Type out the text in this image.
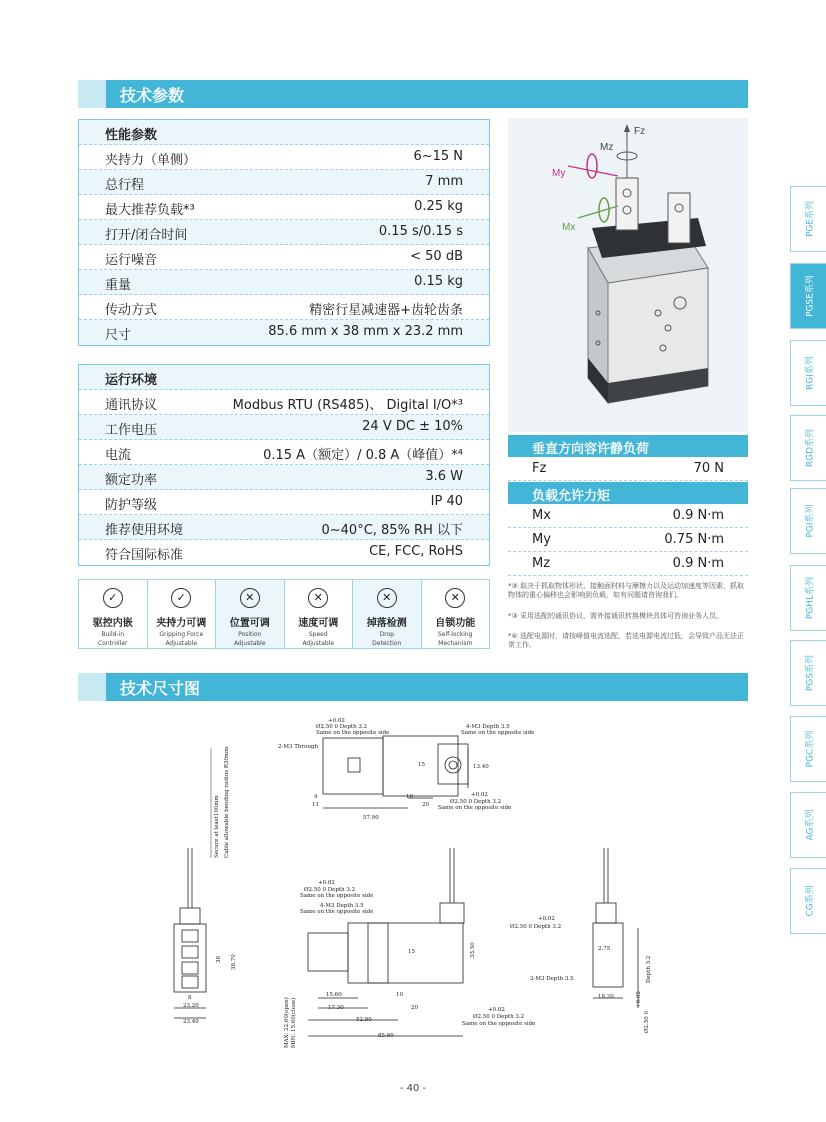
技术参数
性能参数
夹持力（单侧）	6~15 N
总行程	7 mm
最大推荐负载*³	0.25 kg
打开/闭合时间	0.15 s/0.15 s
运行噪音	< 50 dB
重量	0.15 kg
传动方式	精密行星减速器+齿轮齿条
尺寸	85.6 mm x 38 mm x 23.2 mm
运行环境
通讯协议	Modbus RTU (RS485)、 Digital I/O*³
工作电压	24 V DC ± 10%
电流	0.15 A（额定）/ 0.8 A（峰值）*⁴
额定功率	3.6 W
防护等级	IP 40
推荐使用环境	0~40°C, 85% RH 以下
符合国际标准	CE, FCC, RoHS
✓
驱控内嵌
Build-in
Controller
✓
夹持力可调
Gripping Force
Adjustable
✕
位置可调
Position
Adjustable
✕
速度可调
Speed
Adjustable
✕
掉落检测
Drop
Detection
✕
自锁功能
Self-locking
Mechanism
Fz
Mz
My
Mx
垂直方向容许静负荷
Fz	70 N
负载允许力矩
Mx	0.9 N·m
My	0.75 N·m
Mz	0.9 N·m
*③ 取决于抓取物体形状、接触面材料与摩擦力以及运动加速度等因素，抓取物体的重心偏移也会影响到负载，如有问题请咨询我们。
*③ 采用选配的通讯协议，需外接通讯转换模块具体可咨询业务人员。
*④ 选配电源时，请按峰值电流选配，若选电源电流过低，会导致产品无法正常工作。
技术尺寸图
PGE系列
PGSE系列
RGI系列
RGD系列
PGI系列
PGHL系列
PGS系列
PGC系列
AG系列
CG系列
Secure at least100mm Cable allowable bending radius R30mm
+0.02
Ø2.50 0 Depth 3.2
Same on the opposite side
2-M3 Through
4-M3 Depth 3.5
Same on the opposite side
4
11
10
20
57.90
15	13.40
+0.02
Ø2.50 0 Depth 3.2
Same on the opposite side
23.20
23.40
8
38 38.70
+0.02
Ø2.50 0 Depth 3.2
Same on the opposite side
4-M3 Depth 3.5
Same on the opposite side
15.60
17.30
52.90
85.60
10
20
15	33.50
MAX: 22.60(open) MIN: 15.60(close)	+0.02
Ø2.50 0 Depth 3.2
Same on the opposite side
+0.02
Ø2.50 0 Depth 3.2
2.75
2-M3 Depth 3.5
18.20
Depth 3.2
+0.02
Ø2.50 0
- 40 -
